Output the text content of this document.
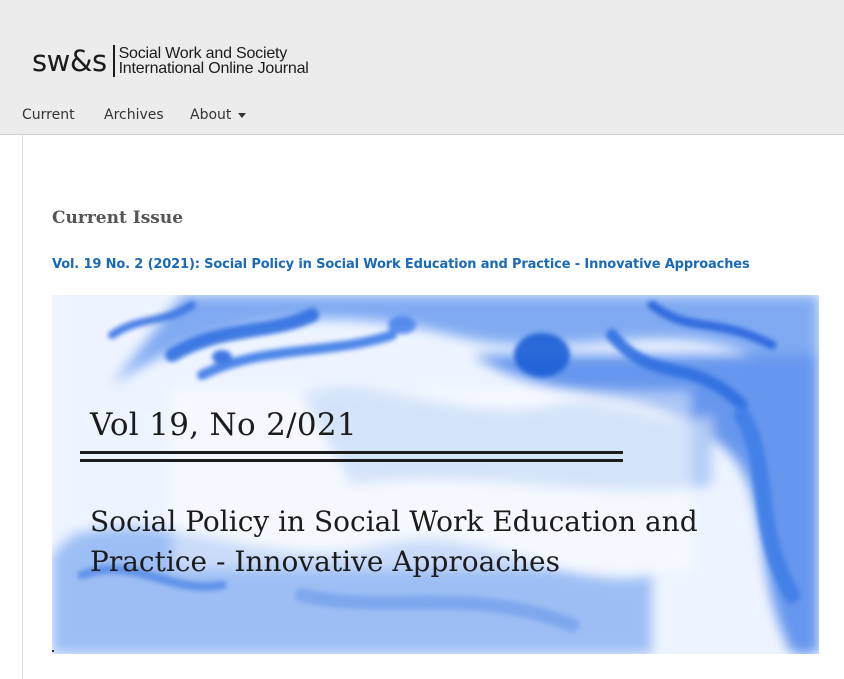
sw&s Social Work and Society
International Online Journal
Current Archives About
Current Issue
Vol. 19 No. 2 (2021): Social Policy in Social Work Education and Practice - Innovative Approaches
Vol 19, No 2/021
Social Policy in Social Work Education and Practice - Innovative Approaches
